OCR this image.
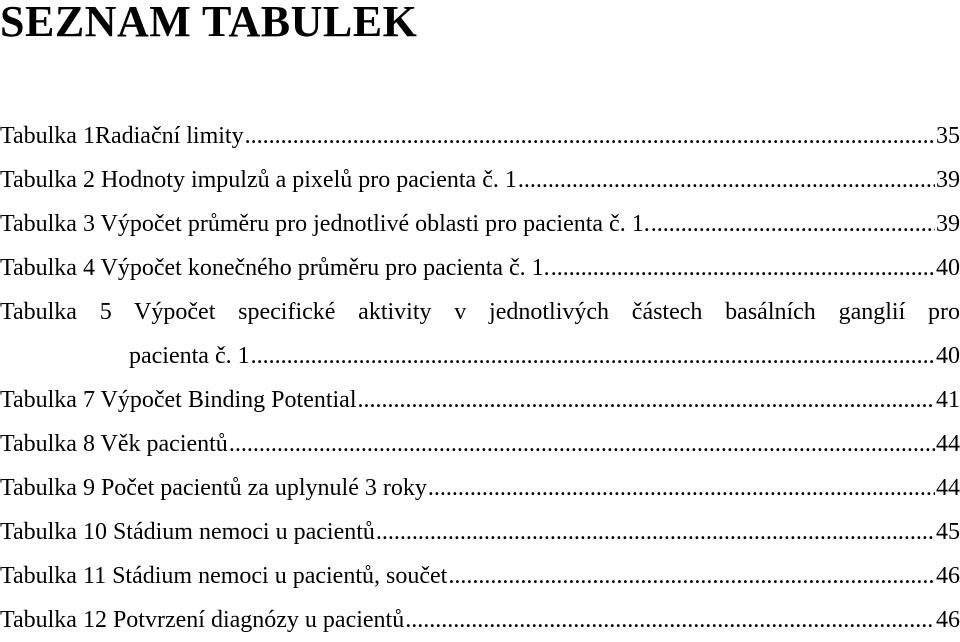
SEZNAM TABULEK
Tabulka 1Radiační limity .....	35
Tabulka 2 Hodnoty impulzů a pixelů pro pacienta č. 1 .....	39
Tabulka 3 Výpočet průměru pro jednotlivé oblasti pro pacienta č. 1. .....	39
Tabulka 4 Výpočet konečného průměru pro pacienta č. 1. .....	40
Tabulka 5 Výpočet specifické aktivity v jednotlivých částech basálních ganglií pro
pacienta č. 1 .....	40
Tabulka 7 Výpočet Binding Potential .....	41
Tabulka 8 Věk pacientů .....	44
Tabulka 9 Počet pacientů za uplynulé 3 roky .....	44
Tabulka 10 Stádium nemoci u pacientů .....	45
Tabulka 11 Stádium nemoci u pacientů, součet .....	46
Tabulka 12 Potvrzení diagnózy u pacientů .....	46
